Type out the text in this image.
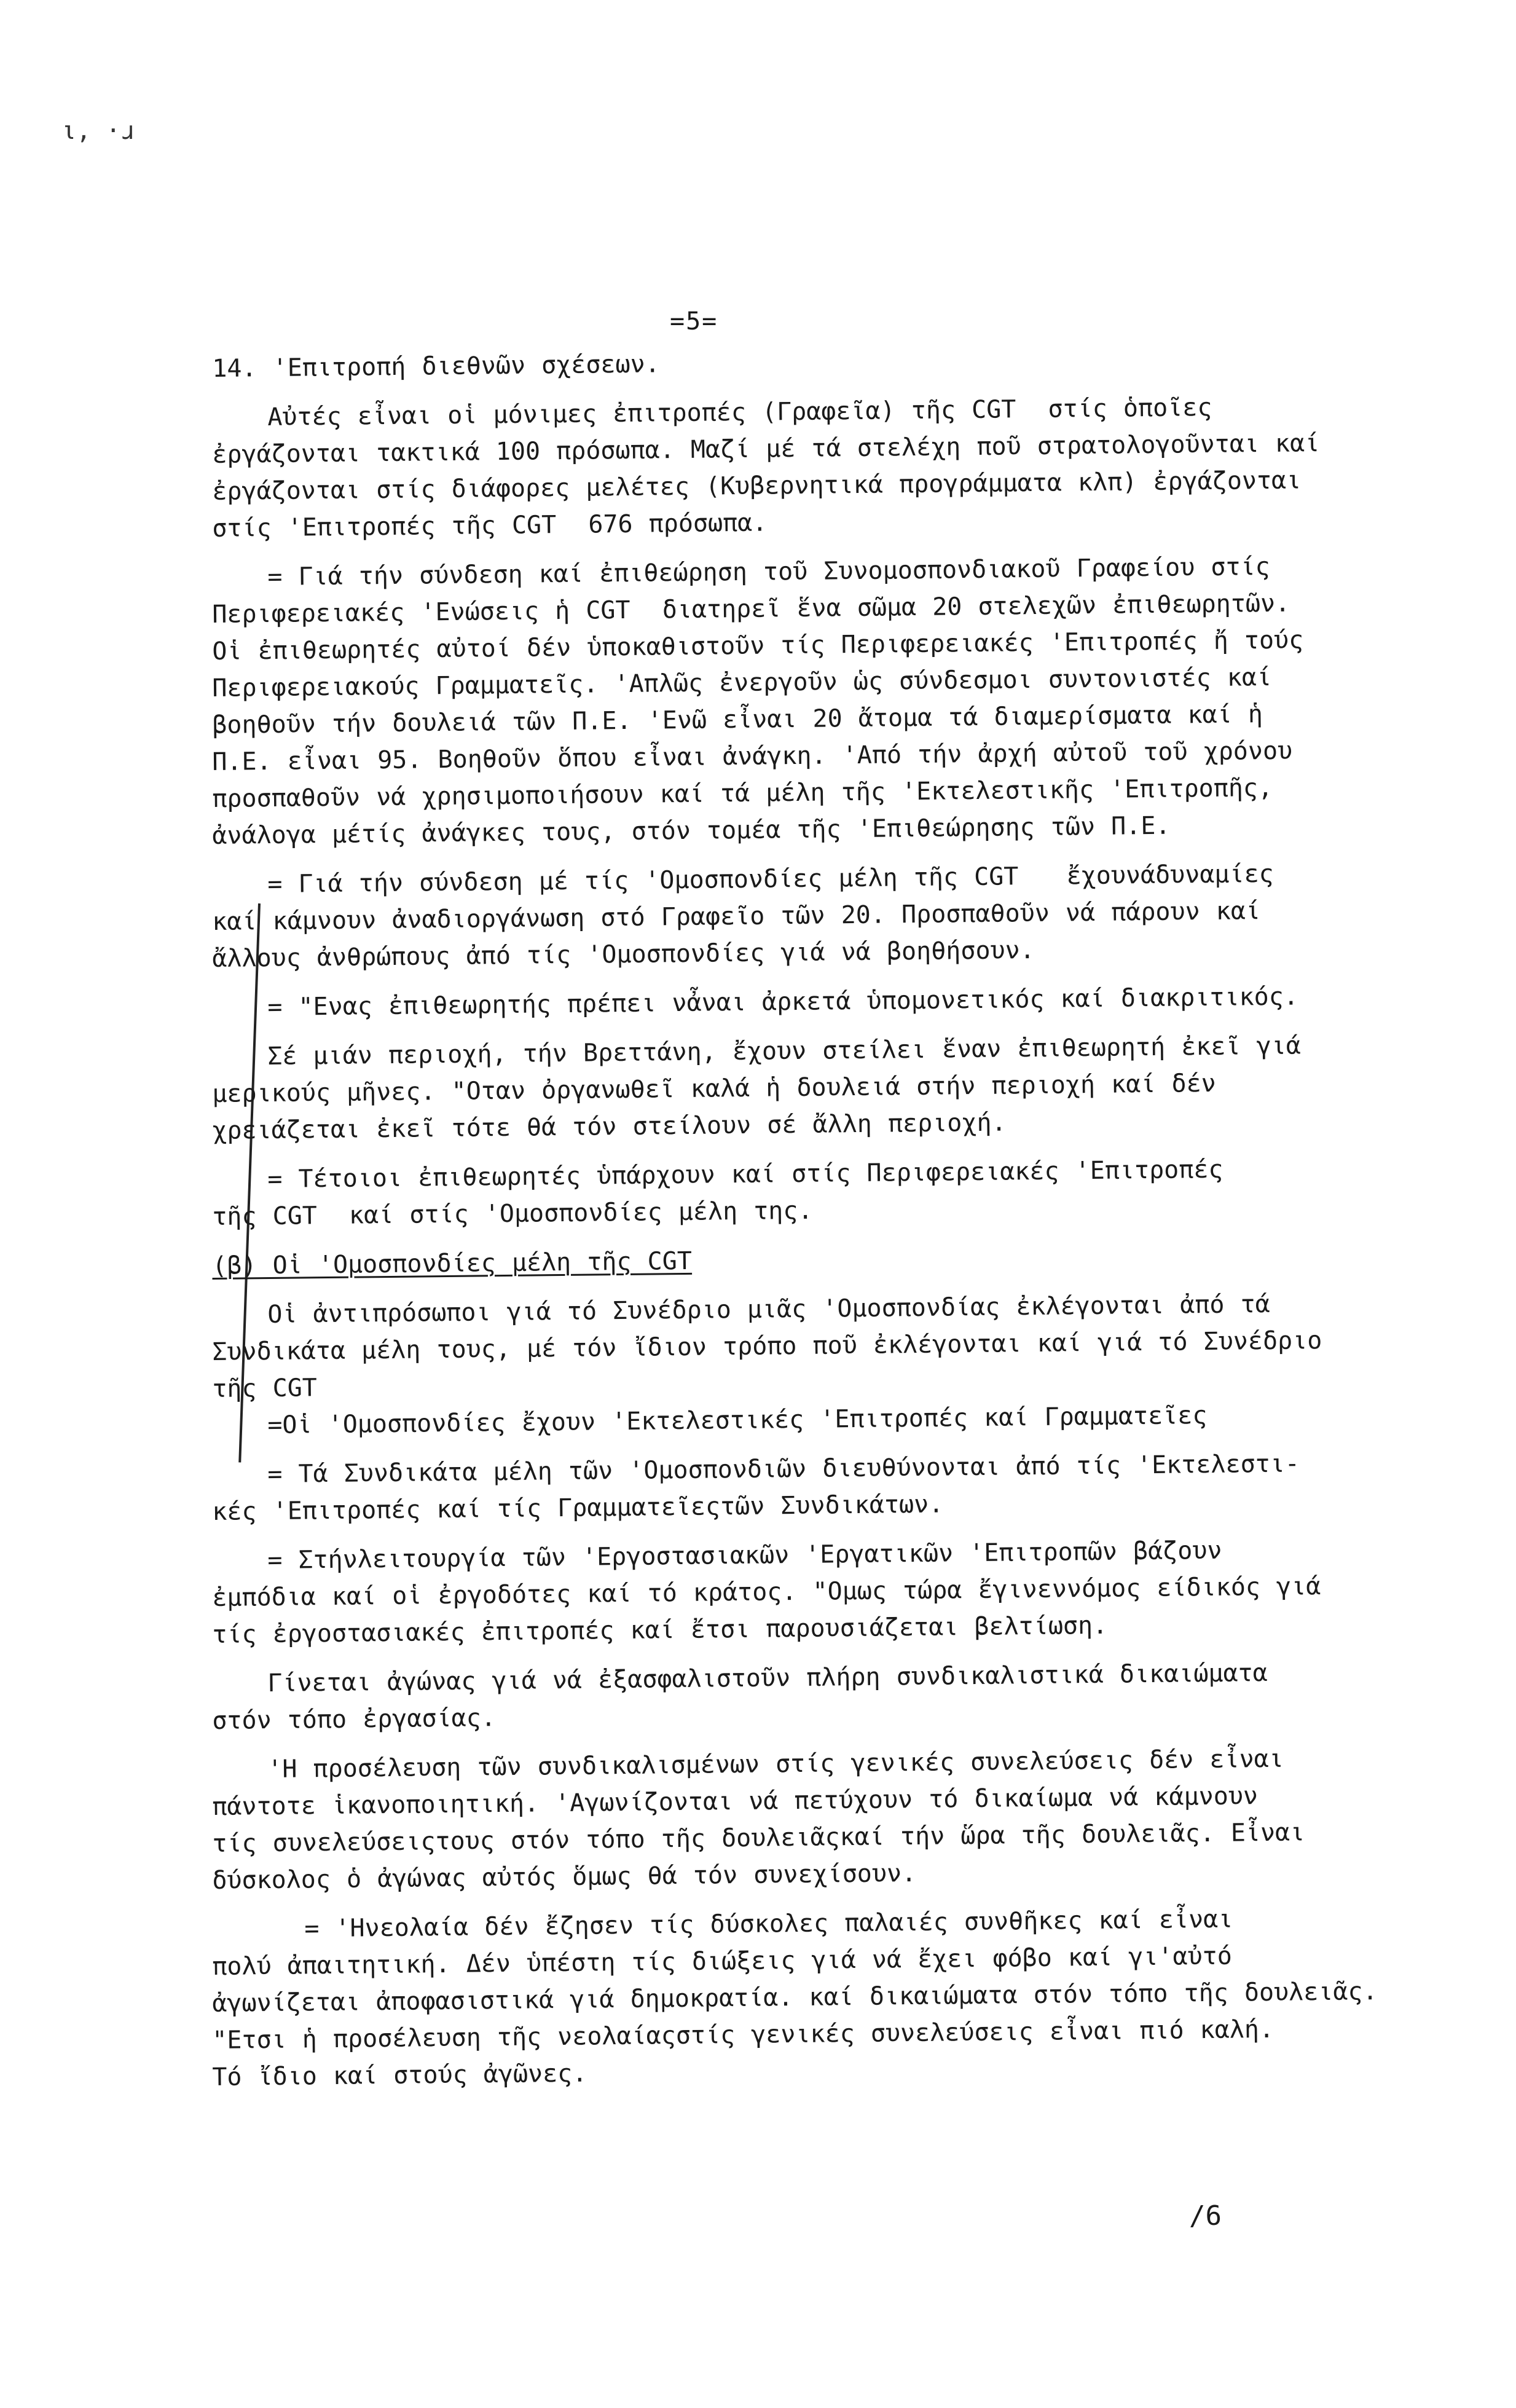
ι, ·ɹ
=5=

14. 'Επιτροπή διεθνῶν σχέσεων.

Αὐτές εἶναι οἱ μόνιμες ἐπιτροπές (Γραφεῖα) τῆς CGT  στίς ὁποῖες

ἐργάζονται τακτικά 100 πρόσωπα. Μαζί μέ τά στελέχη ποῦ στρατολογοῦνται καί

ἐργάζονται στίς διάφορες μελέτες (Κυβερνητικά προγράμματα κλπ) ἐργάζονται

στίς 'Επιτροπές τῆς CGT  676 πρόσωπα.

= Γιά τήν σύνδεση καί ἐπιθεώρηση τοῦ Συνομοσπονδιακοῦ Γραφείου στίς

Περιφερειακές 'Ενώσεις ἡ CGT  διατηρεῖ ἕνα σῶμα 20 στελεχῶν ἐπιθεωρητῶν.

Οἱ ἐπιθεωρητές αὐτοί δέν ὑποκαθιστοῦν τίς Περιφερειακές 'Επιτροπές ἤ τούς

Περιφερειακούς Γραμματεῖς. 'Απλῶς ἐνεργοῦν ὡς σύνδεσμοι συντονιστές καί

βοηθοῦν τήν δουλειά τῶν Π.Ε. 'Ενῶ εἶναι 20 ἄτομα τά διαμερίσματα καί ἡ

Π.Ε. εἶναι 95. Βοηθοῦν ὅπου εἶναι ἀνάγκη. 'Από τήν ἀρχή αὐτοῦ τοῦ χρόνου

προσπαθοῦν νά χρησιμοποιήσουν καί τά μέλη τῆς 'Εκτελεστικῆς 'Επιτροπῆς,

ἀνάλογα μέτίς ἀνάγκες τους, στόν τομέα τῆς 'Επιθεώρησης τῶν Π.Ε.

= Γιά τήν σύνδεση μέ τίς 'Ομοσπονδίες μέλη τῆς CGT   ἔχουνάδυναμίες

καί κάμνουν ἀναδιοργάνωση στό Γραφεῖο τῶν 20. Προσπαθοῦν νά πάρουν καί

ἄλλους ἀνθρώπους ἀπό τίς 'Ομοσπονδίες γιά νά βοηθήσουν.

= "Ενας ἐπιθεωρητής πρέπει νἆναι ἀρκετά ὑπομονετικός καί διακριτικός.

Σέ μιάν περιοχή, τήν Βρεττάνη, ἔχουν στείλει ἕναν ἐπιθεωρητή ἐκεῖ γιά

μερικούς μῆνες. "Οταν ὀργανωθεῖ καλά ἡ δουλειά στήν περιοχή καί δέν

χρειάζεται ἐκεῖ τότε θά τόν στείλουν σέ ἄλλη περιοχή.

= Τέτοιοι ἐπιθεωρητές ὑπάρχουν καί στίς Περιφερειακές 'Επιτροπές

τῆς CGT  καί στίς 'Ομοσπονδίες μέλη της.

(β) Οἱ 'Ομοσπονδίες μέλη τῆς CGT

Οἱ ἀντιπρόσωποι γιά τό Συνέδριο μιᾶς 'Ομοσπονδίας ἐκλέγονται ἀπό τά

Συνδικάτα μέλη τους, μέ τόν ἴδιον τρόπο ποῦ ἐκλέγονται καί γιά τό Συνέδριο

τῆς CGT

=Οἱ 'Ομοσπονδίες ἔχουν 'Εκτελεστικές 'Επιτροπές καί Γραμματεῖες

= Τά Συνδικάτα μέλη τῶν 'Ομοσπονδιῶν διευθύνονται ἀπό τίς 'Εκτελεστι-

κές 'Επιτροπές καί τίς Γραμματεῖεςτῶν Συνδικάτων.

= Στήνλειτουργία τῶν 'Εργοστασιακῶν 'Εργατικῶν 'Επιτροπῶν βάζουν

ἐμπόδια καί οἱ ἐργοδότες καί τό κράτος. "Ομως τώρα ἔγινεννόμος είδικός γιά

τίς ἐργοστασιακές ἐπιτροπές καί ἔτσι παρουσιάζεται βελτίωση.

Γίνεται ἀγώνας γιά νά ἐξασφαλιστοῦν πλήρη συνδικαλιστικά δικαιώματα

στόν τόπο ἐργασίας.

'Η προσέλευση τῶν συνδικαλισμένων στίς γενικές συνελεύσεις δέν εἶναι

πάντοτε ἱκανοποιητική. 'Αγωνίζονται νά πετύχουν τό δικαίωμα νά κάμνουν

τίς συνελεύσειςτους στόν τόπο τῆς δουλειᾶςκαί τήν ὥρα τῆς δουλειᾶς. Εἶναι

δύσκολος ὁ ἀγώνας αὐτός ὅμως θά τόν συνεχίσουν.

= 'Ηνεολαία δέν ἔζησεν τίς δύσκολες παλαιές συνθῆκες καί εἶναι

πολύ ἀπαιτητική. Δέν ὑπέστη τίς διώξεις γιά νά ἔχει φόβο καί γι'αὐτό

ἀγωνίζεται ἀποφασιστικά γιά δημοκρατία. καί δικαιώματα στόν τόπο τῆς δουλειᾶς.

"Ετσι ἡ προσέλευση τῆς νεολαίαςστίς γενικές συνελεύσεις εἶναι πιό καλή.

Τό ἴδιο καί στούς ἀγῶνες.

/6
